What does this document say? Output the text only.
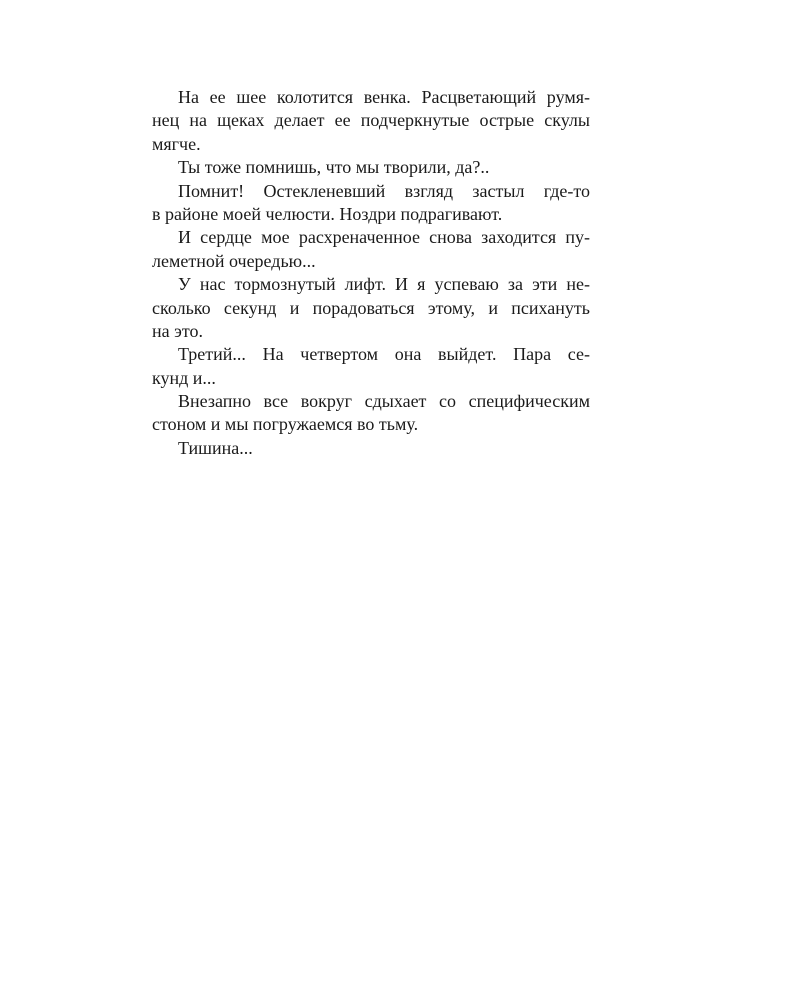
На ее шее колотится венка. Расцветающий румя-
нец на щеках делает ее подчеркнутые острые скулы
мягче.
Ты тоже помнишь, что мы творили, да?..
Помнит! Остекленевший взгляд застыл где-то
в районе моей челюсти. Ноздри подрагивают.
И сердце мое расхреначенное снова заходится пу-
леметной очередью...
У нас тормознутый лифт. И я успеваю за эти не-
сколько секунд и порадоваться этому, и психануть
на это.
Третий... На четвертом она выйдет. Пара се-
кунд и...
Внезапно все вокруг сдыхает со специфическим
стоном и мы погружаемся во тьму.
Тишина...
